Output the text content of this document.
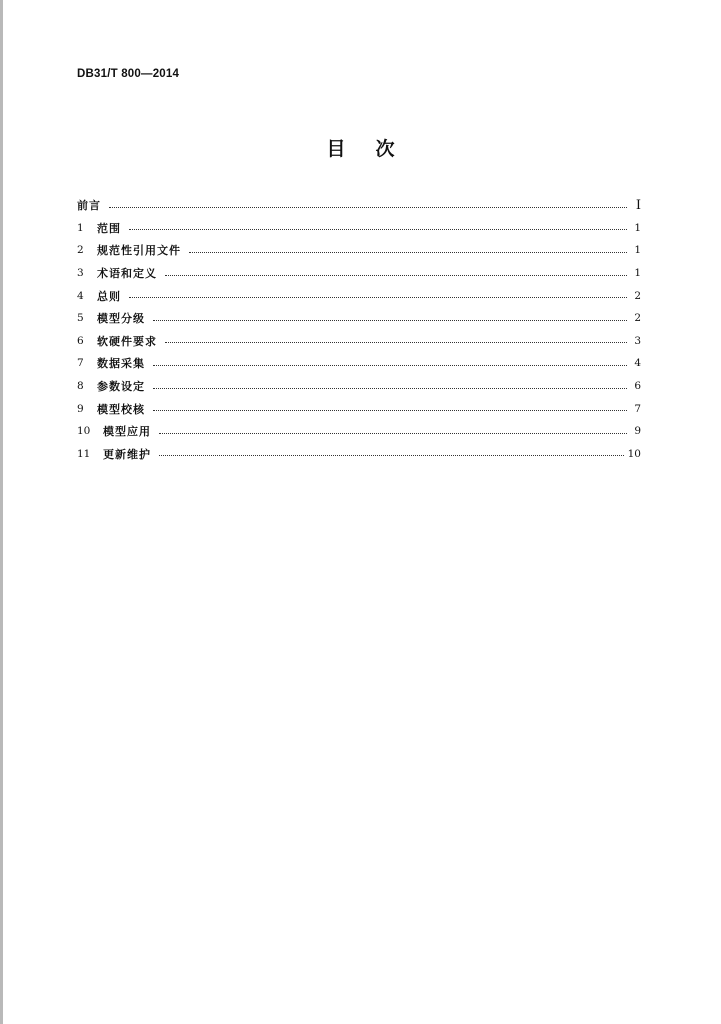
DB31/T 800—2014
目次
前言	I
1	范围	1
2	规范性引用文件	1
3	术语和定义	1
4	总则	2
5	模型分级	2
6	软硬件要求	3
7	数据采集	4
8	参数设定	6
9	模型校核	7
10	模型应用	9
11	更新维护	10
